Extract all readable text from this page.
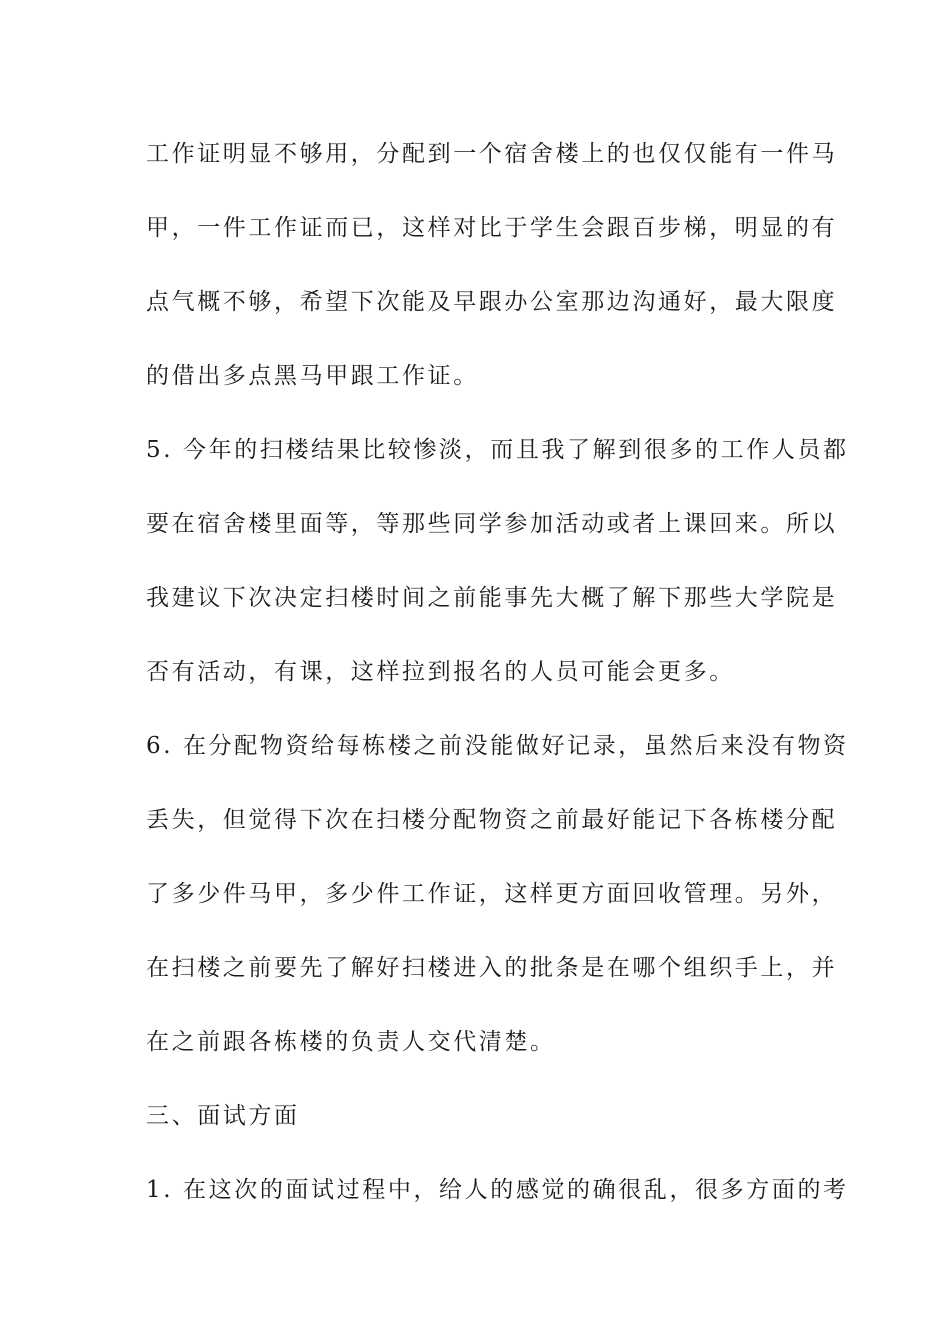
工作证明显不够用，分配到一个宿舍楼上的也仅仅能有一件马
甲，一件工作证而已，这样对比于学生会跟百步梯，明显的有
点气概不够，希望下次能及早跟办公室那边沟通好，最大限度
的借出多点黑马甲跟工作证。
5. 今年的扫楼结果比较惨淡，而且我了解到很多的工作人员都
要在宿舍楼里面等，等那些同学参加活动或者上课回来。所以
我建议下次决定扫楼时间之前能事先大概了解下那些大学院是
否有活动，有课，这样拉到报名的人员可能会更多。
6. 在分配物资给每栋楼之前没能做好记录，虽然后来没有物资
丢失，但觉得下次在扫楼分配物资之前最好能记下各栋楼分配
了多少件马甲，多少件工作证，这样更方面回收管理。另外，
在扫楼之前要先了解好扫楼进入的批条是在哪个组织手上，并
在之前跟各栋楼的负责人交代清楚。
三、面试方面
1. 在这次的面试过程中，给人的感觉的确很乱，很多方面的考
